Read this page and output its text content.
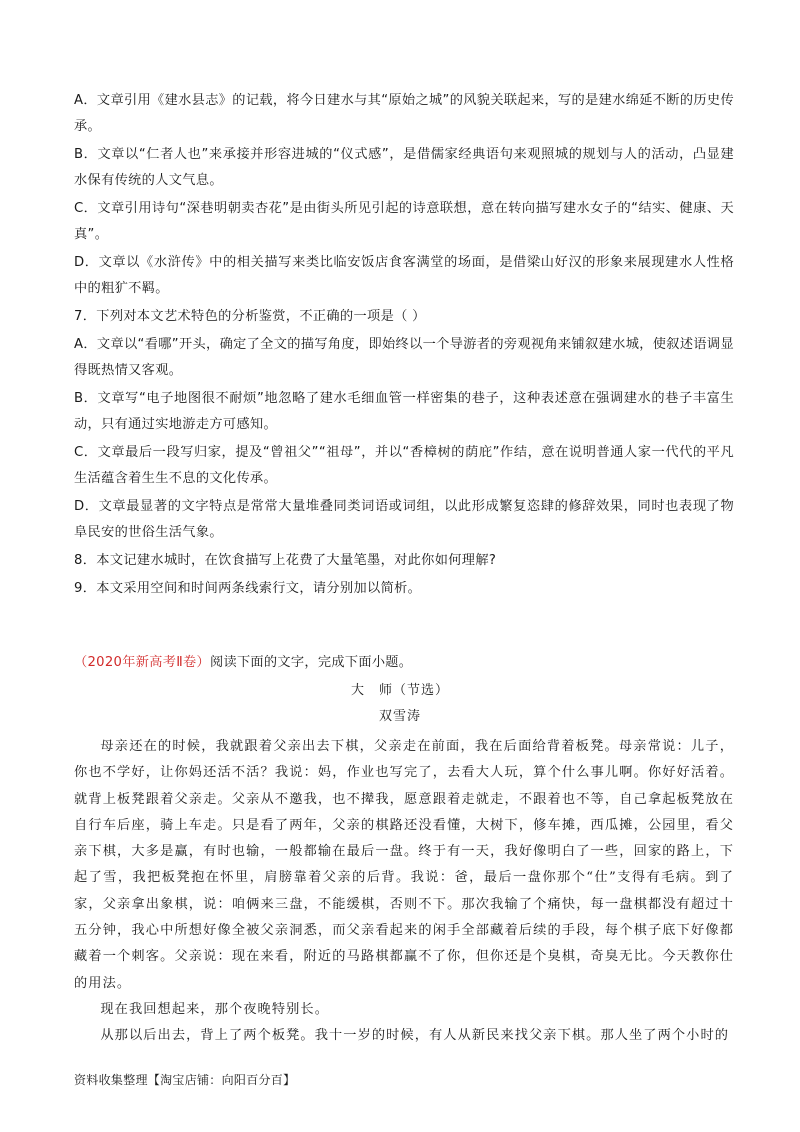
A．文章引用《建水县志》的记载，将今日建水与其“原始之城”的风貌关联起来，写的是建水绵延不断的历史传承。

B．文章以“仁者人也”来承接并形容进城的“仪式感”，是借儒家经典语句来观照城的规划与人的活动，凸显建水保有传统的人文气息。

C．文章引用诗句“深巷明朝卖杏花”是由街头所见引起的诗意联想，意在转向描写建水女子的“结实、健康、天真”。

D．文章以《水浒传》中的相关描写来类比临安饭店食客满堂的场面，是借梁山好汉的形象来展现建水人性格中的粗犷不羁。

7．下列对本文艺术特色的分析鉴赏，不正确的一项是（ ）

A．文章以“看哪”开头，确定了全文的描写角度，即始终以一个导游者的旁观视角来铺叙建水城，使叙述语调显得既热情又客观。

B．文章写“电子地图很不耐烦”地忽略了建水毛细血管一样密集的巷子，这种表述意在强调建水的巷子丰富生动，只有通过实地游走方可感知。

C．文章最后一段写归家，提及“曾祖父”“祖母”，并以“香樟树的荫庇”作结，意在说明普通人家一代代的平凡生活蕴含着生生不息的文化传承。

D．文章最显著的文字特点是常常大量堆叠同类词语或词组，以此形成繁复恣肆的修辞效果，同时也表现了物阜民安的世俗生活气象。

8．本文记建水城时，在饮食描写上花费了大量笔墨，对此你如何理解?

9．本文采用空间和时间两条线索行文，请分别加以简析。

（2020年新高考Ⅱ卷）阅读下面的文字，完成下面小题。
大　师（节选）
双雪涛

母亲还在的时候，我就跟着父亲出去下棋，父亲走在前面，我在后面给背着板凳。母亲常说：儿子，你也不学好，让你妈还活不活？我说：妈，作业也写完了，去看大人玩，算个什么事儿啊。你好好活着。就背上板凳跟着父亲走。父亲从不邀我，也不撵我，愿意跟着走就走，不跟着也不等，自己拿起板凳放在自行车后座，骑上车走。只是看了两年，父亲的棋路还没看懂，大树下，修车摊，西瓜摊，公园里，看父亲下棋，大多是赢，有时也输，一般都输在最后一盘。终于有一天，我好像明白了一些，回家的路上，下起了雪，我把板凳抱在怀里，肩膀靠着父亲的后背。我说：爸，最后一盘你那个“仕”支得有毛病。到了家，父亲拿出象棋，说：咱俩来三盘，不能缓棋，否则不下。那次我输了个痛快，每一盘棋都没有超过十五分钟，我心中所想好像全被父亲洞悉，而父亲看起来的闲手全部藏着后续的手段，每个棋子底下好像都藏着一个刺客。父亲说：现在来看，附近的马路棋都赢不了你，但你还是个臭棋，奇臭无比。今天教你仕的用法。

现在我回想起来，那个夜晚特别长。

从那以后出去，背上了两个板凳。我十一岁的时候，有人从新民来找父亲下棋。那人坐了两个小时的

资料收集整理【淘宝店铺：向阳百分百】
